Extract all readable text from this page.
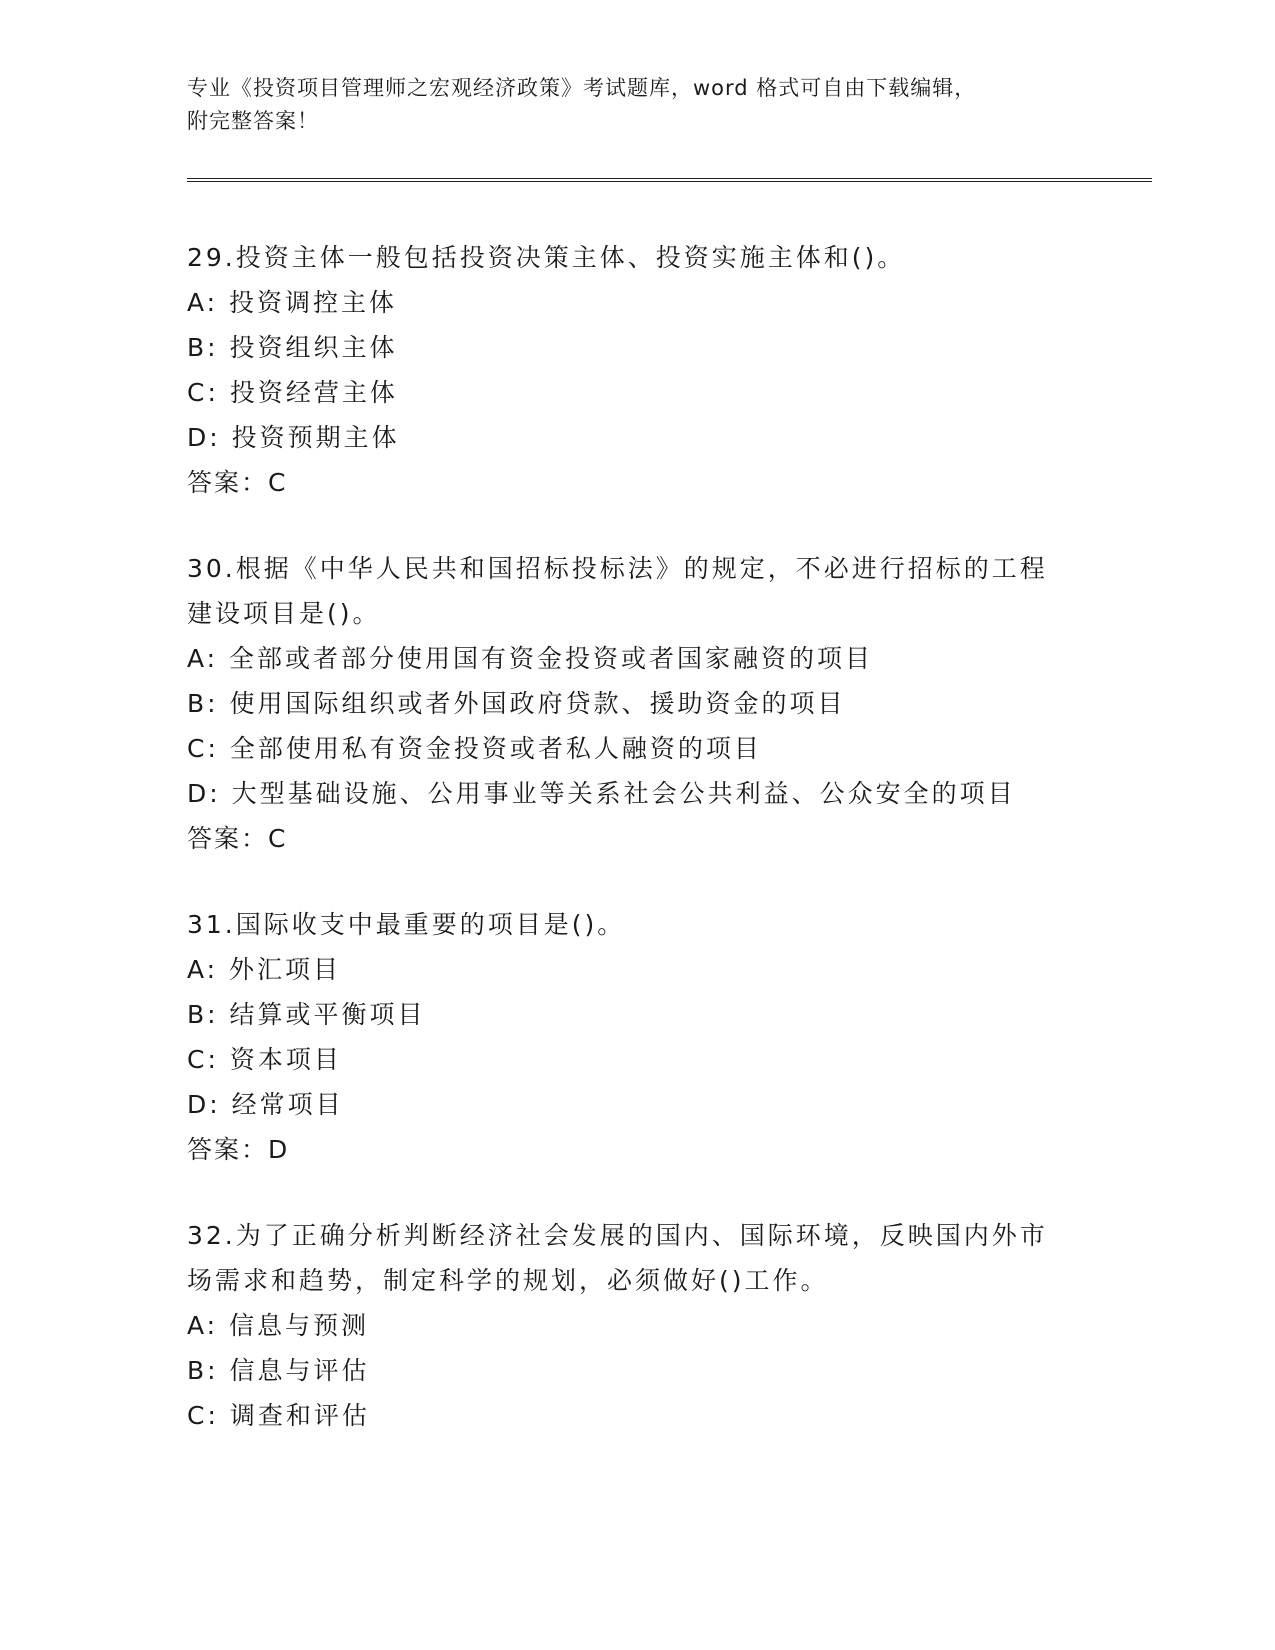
专业《投资项目管理师之宏观经济政策》考试题库，word 格式可自由下载编辑，
附完整答案！

29.投资主体一般包括投资决策主体、投资实施主体和()。

A: 投资调控主体

B: 投资组织主体

C: 投资经营主体

D: 投资预期主体

答案：C

30.根据《中华人民共和国招标投标法》的规定，不必进行招标的工程

建设项目是()。

A: 全部或者部分使用国有资金投资或者国家融资的项目

B: 使用国际组织或者外国政府贷款、援助资金的项目

C: 全部使用私有资金投资或者私人融资的项目

D: 大型基础设施、公用事业等关系社会公共利益、公众安全的项目

答案：C

31.国际收支中最重要的项目是()。

A: 外汇项目

B: 结算或平衡项目

C: 资本项目

D: 经常项目

答案：D

32.为了正确分析判断经济社会发展的国内、国际环境，反映国内外市

场需求和趋势，制定科学的规划，必须做好()工作。

A: 信息与预测

B: 信息与评估

C: 调查和评估
